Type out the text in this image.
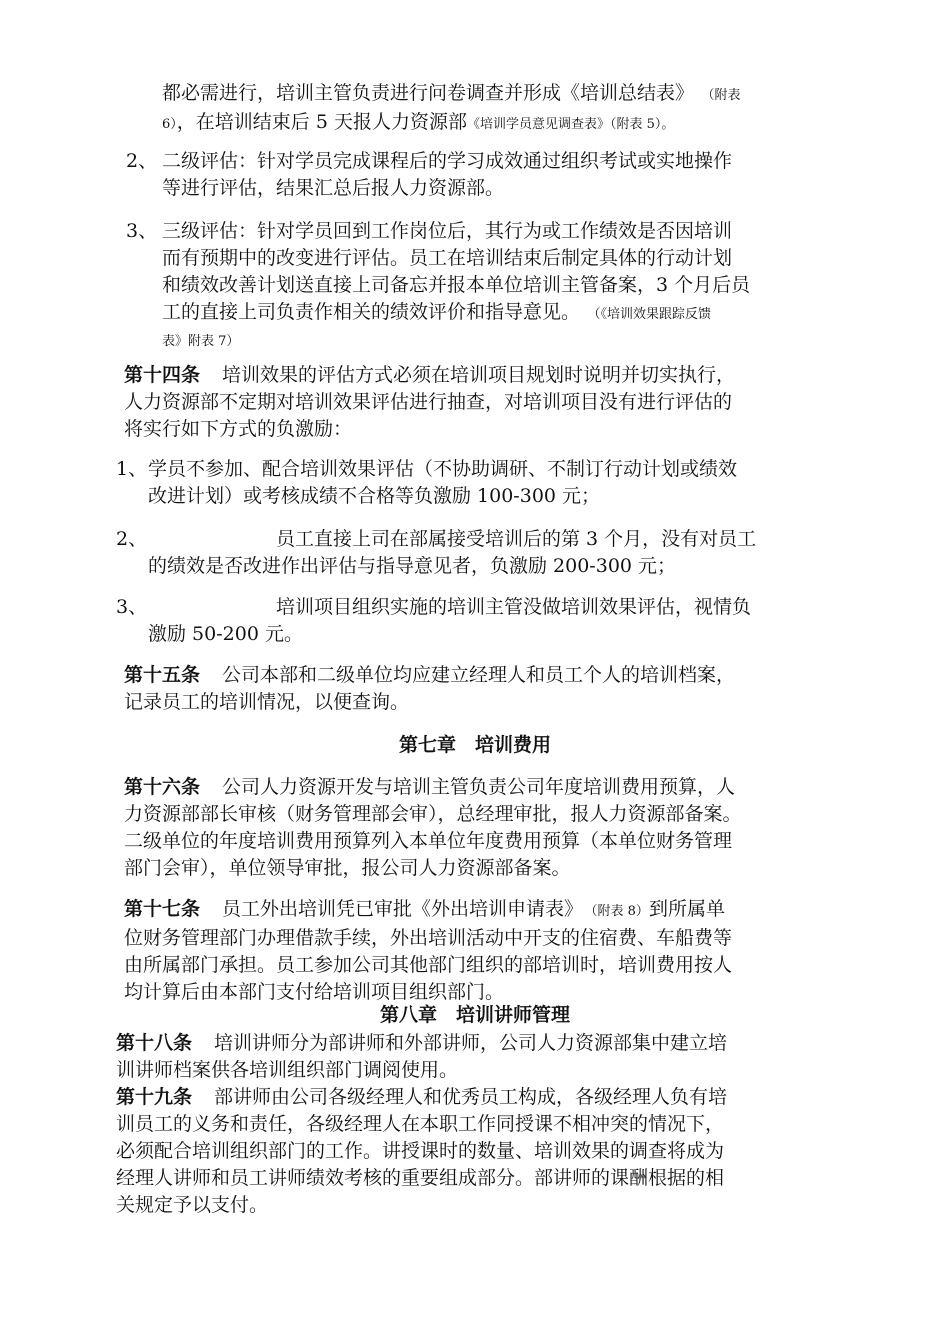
都必需进行，培训主管负责进行问卷调查并形成《培训总结表》 （附表
6），在培训结束后 5 天报人力资源部《培训学员意见调查表》（附表 5）。
2、 二级评估：针对学员完成课程后的学习成效通过组织考试或实地操作
等进行评估，结果汇总后报人力资源部。
3、 三级评估：针对学员回到工作岗位后，其行为或工作绩效是否因培训
而有预期中的改变进行评估。员工在培训结束后制定具体的行动计划
和绩效改善计划送直接上司备忘并报本单位培训主管备案，3 个月后员
工的直接上司负责作相关的绩效评价和指导意见。 （《培训效果跟踪反馈
表》附表 7）
第十四条 培训效果的评估方式必须在培训项目规划时说明并切实执行，
人力资源部不定期对培训效果评估进行抽查，对培训项目没有进行评估的
将实行如下方式的负激励：
1、学员不参加、配合培训效果评估（不协助调研、不制订行动计划或绩效
改进计划）或考核成绩不合格等负激励 100-300 元；
2、	员工直接上司在部属接受培训后的第 3 个月，没有对员工
的绩效是否改进作出评估与指导意见者，负激励 200-300 元；
3、	培训项目组织实施的培训主管没做培训效果评估，视情负
激励 50-200 元。
第十五条 公司本部和二级单位均应建立经理人和员工个人的培训档案，
记录员工的培训情况，以便查询。
第七章　培训费用
第十六条 公司人力资源开发与培训主管负责公司年度培训费用预算，人
力资源部部长审核（财务管理部会审），总经理审批，报人力资源部备案。
二级单位的年度培训费用预算列入本单位年度费用预算（本单位财务管理
部门会审），单位领导审批，报公司人力资源部备案。
第十七条 员工外出培训凭已审批《外出培训申请表》 （附表 8）到所属单
位财务管理部门办理借款手续，外出培训活动中开支的住宿费、车船费等
由所属部门承担。员工参加公司其他部门组织的部培训时，培训费用按人
均计算后由本部门支付给培训项目组织部门。
第八章　培训讲师管理
第十八条 培训讲师分为部讲师和外部讲师，公司人力资源部集中建立培
训讲师档案供各培训组织部门调阅使用。
第十九条 部讲师由公司各级经理人和优秀员工构成，各级经理人负有培
训员工的义务和责任，各级经理人在本职工作同授课不相冲突的情况下，
必须配合培训组织部门的工作。讲授课时的数量、培训效果的调查将成为
经理人讲师和员工讲师绩效考核的重要组成部分。部讲师的课酬根据的相
关规定予以支付。
